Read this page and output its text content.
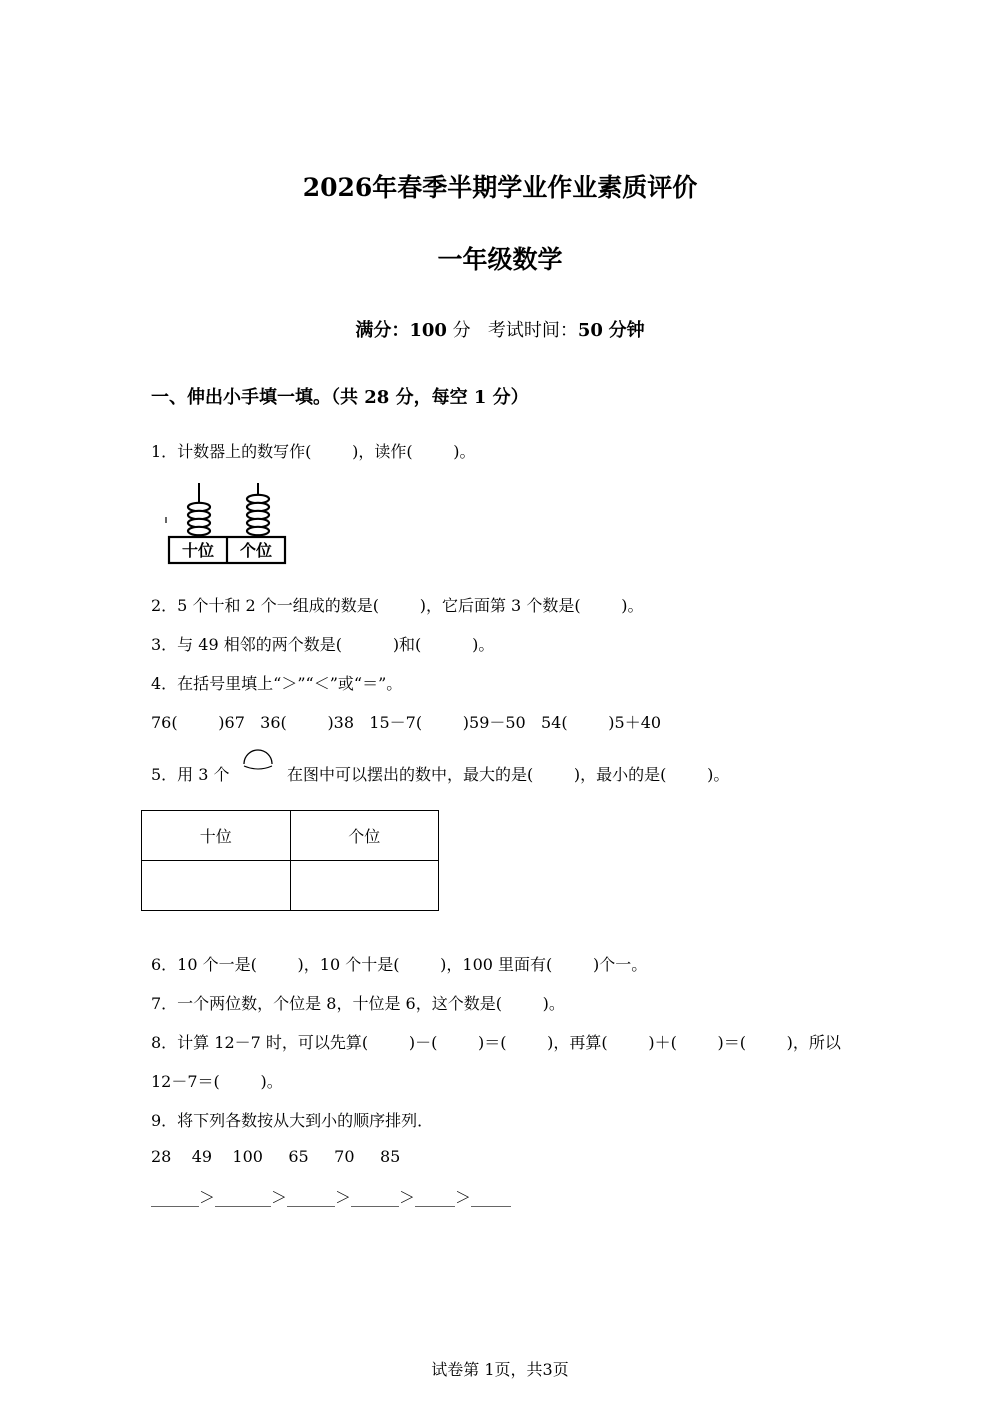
2026年春季半期学业作业素质评价
一年级数学
满分：100 分 考试时间：50 分钟
一、伸出小手填一填。（共 28 分，每空 1 分）
1．计数器上的数写作(        )，读作(        )。
十位 个位
2．5 个十和 2 个一组成的数是(        )，它后面第 3 个数是(        )。
3．与 49 相邻的两个数是(          )和(          )。
4．在括号里填上“＞”“＜”或“＝”。
76(        )67   36(        )38   15－7(        )59－50   54(        )5＋40
5．用 3 个	在图中可以摆出的数中，最大的是(        )，最小的是(        )。
十位	个位

6．10 个一是(        )，10 个十是(        )，100 里面有(        )个一。
7．一个两位数，个位是 8，十位是 6，这个数是(        )。
8．计算 12－7 时，可以先算(        )－(        )＝(        )，再算(        )＋(        )＝(        )，所以
12－7＝(        )。
9．将下列各数按从大到小的顺序排列．
28    49    100     65     70     85
______＞_______＞______＞______＞_____＞_____
试卷第 1页，共3页
